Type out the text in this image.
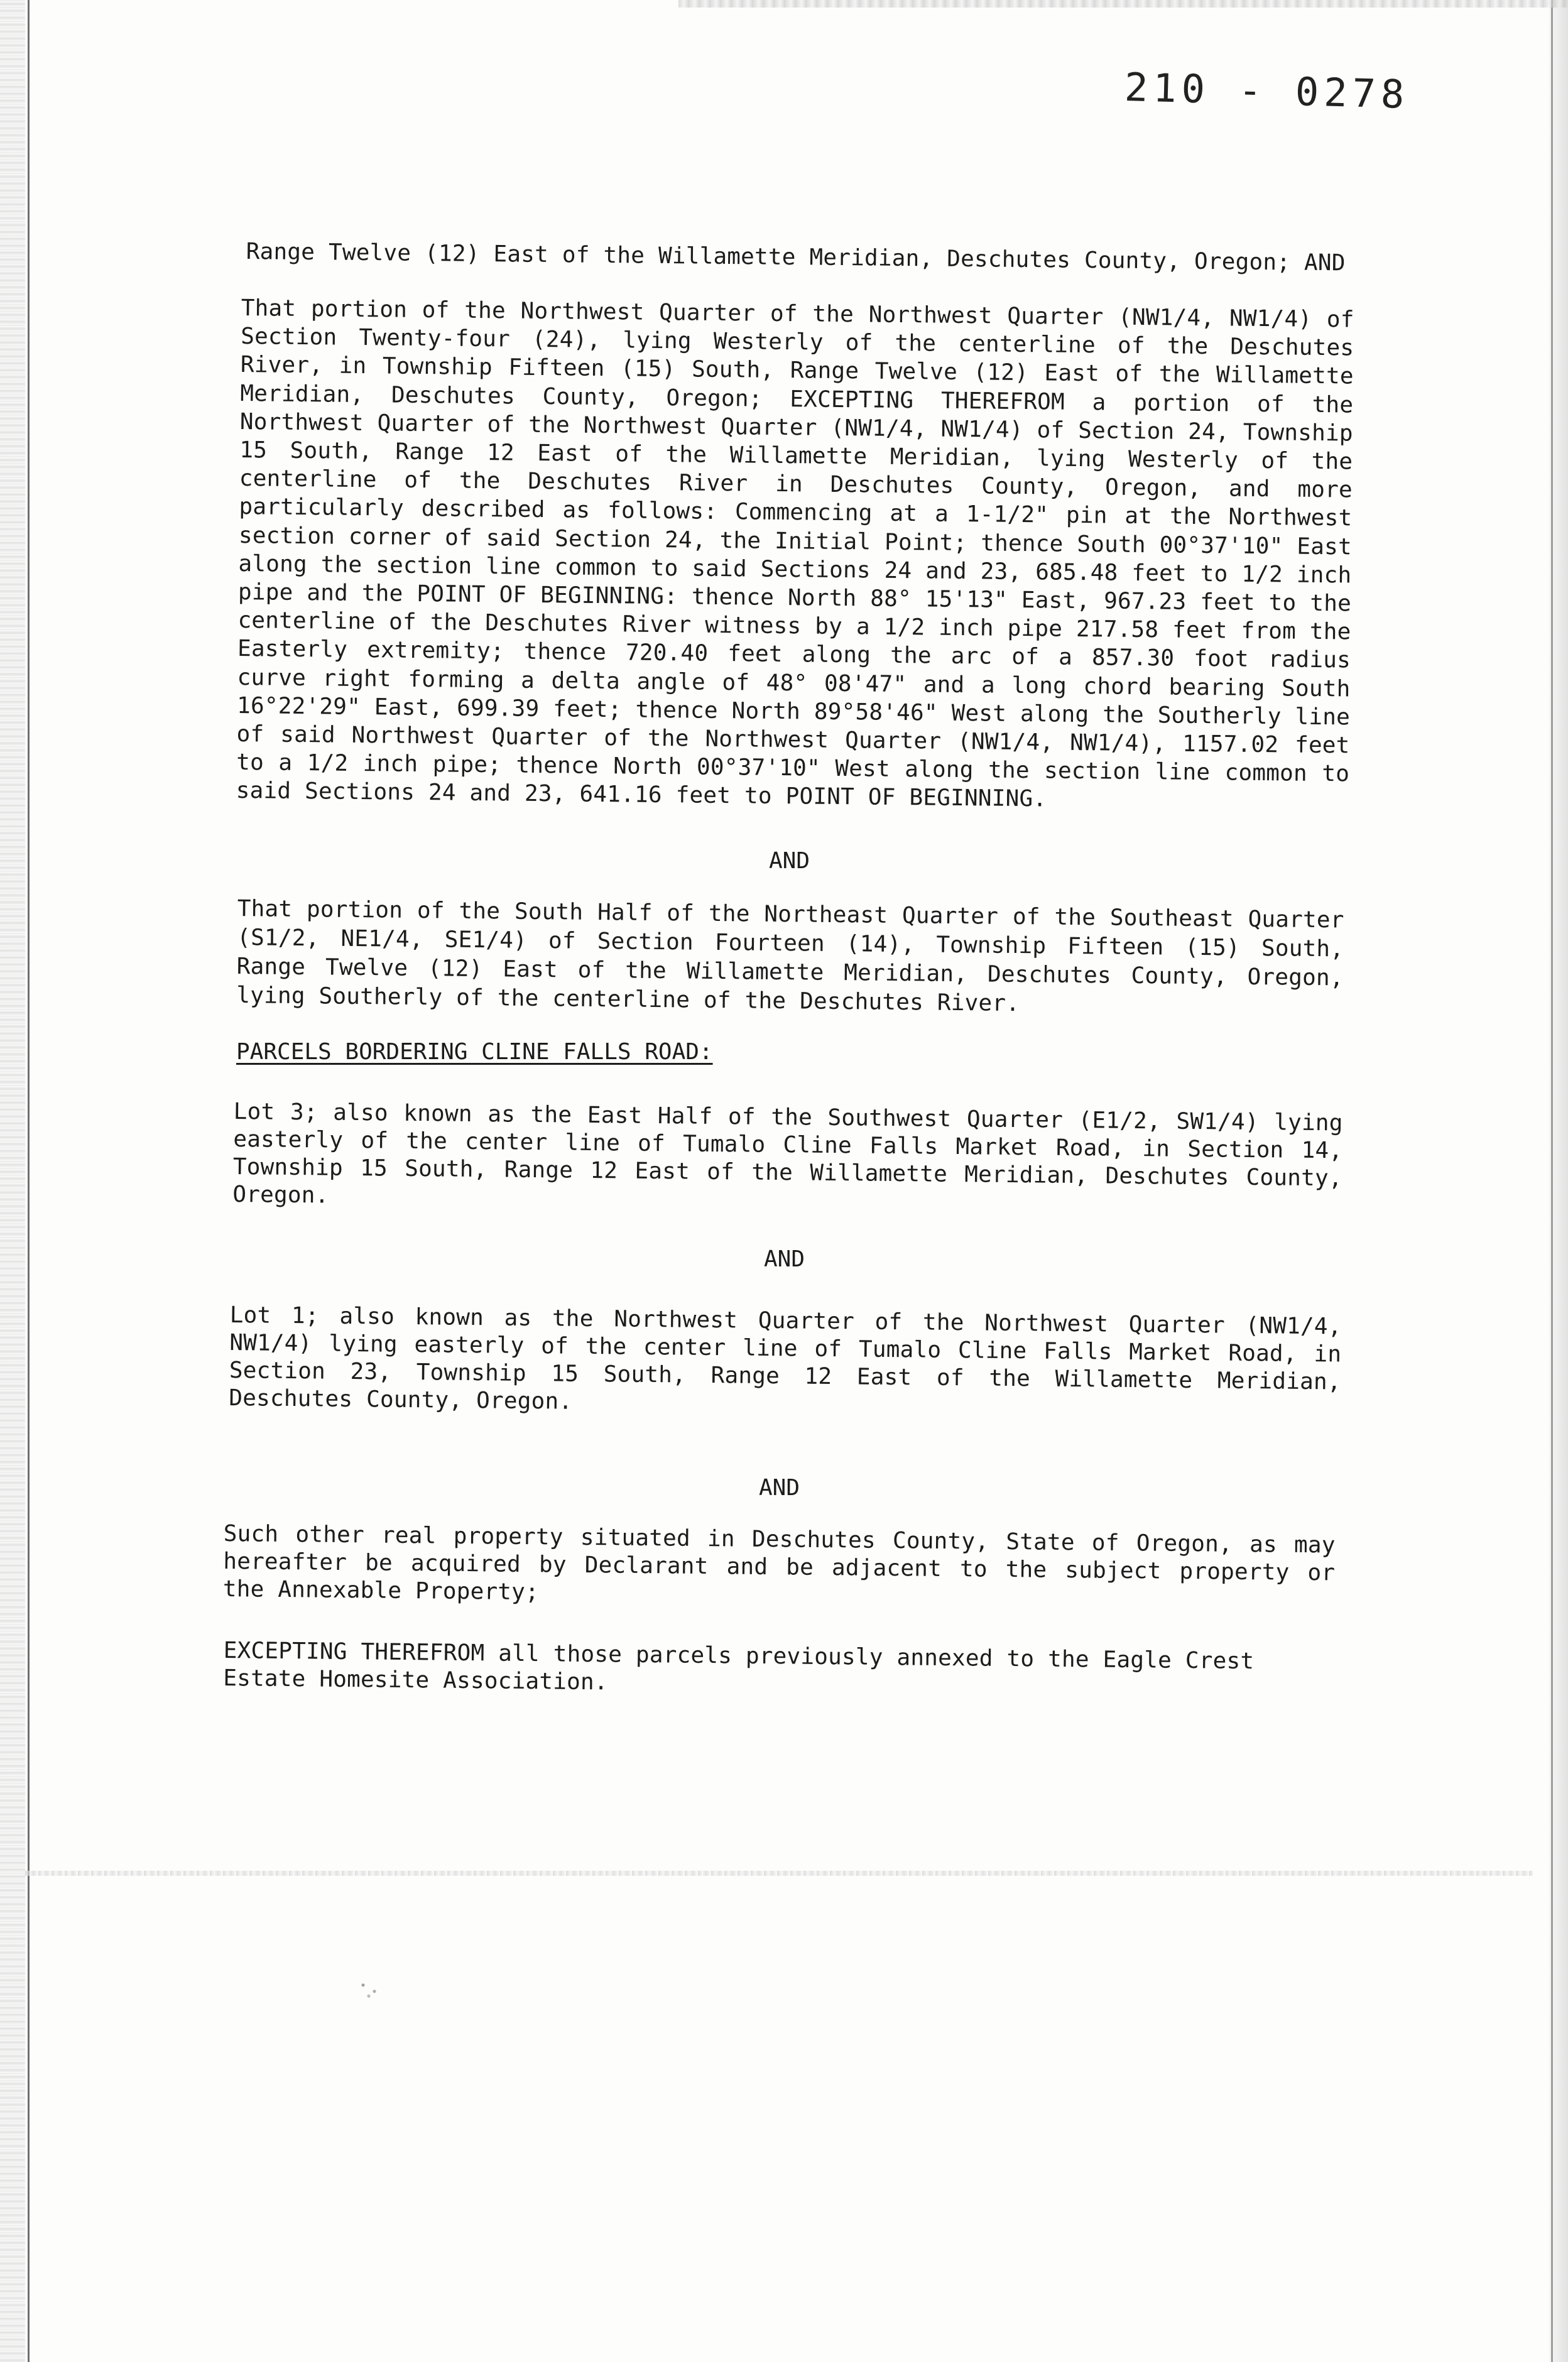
210 - 0278
Range Twelve (12) East of the Willamette Meridian, Deschutes County, Oregon; AND
That portion of the Northwest Quarter of the Northwest Quarter (NW1/4, NW1/4) of Section Twenty-four (24), lying Westerly of the centerline of the Deschutes River, in Township Fifteen (15) South, Range Twelve (12) East of the Willamette Meridian, Deschutes County, Oregon; EXCEPTING THEREFROM a portion of the Northwest Quarter of the Northwest Quarter (NW1/4, NW1/4) of Section 24, Township 15 South, Range 12 East of the Willamette Meridian, lying Westerly of the centerline of the Deschutes River in Deschutes County, Oregon, and more particularly described as follows: Commencing at a 1-1/2" pin at the Northwest section corner of said Section 24, the Initial Point; thence South 00°37'10" East along the section line common to said Sections 24 and 23, 685.48 feet to 1/2 inch pipe and the POINT OF BEGINNING: thence North 88° 15'13" East, 967.23 feet to the centerline of the Deschutes River witness by a 1/2 inch pipe 217.58 feet from the Easterly extremity; thence 720.40 feet along the arc of a 857.30 foot radius curve right forming a delta angle of 48° 08'47" and a long chord bearing South 16°22'29" East, 699.39 feet; thence North 89°58'46" West along the Southerly line of said Northwest Quarter of the Northwest Quarter (NW1/4, NW1/4), 1157.02 feet to a 1/2 inch pipe; thence North 00°37'10" West along the section line common to said Sections 24 and 23, 641.16 feet to POINT OF BEGINNING.
AND
That portion of the South Half of the Northeast Quarter of the Southeast Quarter (S1/2, NE1/4, SE1/4) of Section Fourteen (14), Township Fifteen (15) South, Range Twelve (12) East of the Willamette Meridian, Deschutes County, Oregon, lying Southerly of the centerline of the Deschutes River.
PARCELS BORDERING CLINE FALLS ROAD:
Lot 3; also known as the East Half of the Southwest Quarter (E1/2, SW1/4) lying easterly of the center line of Tumalo Cline Falls Market Road, in Section 14, Township 15 South, Range 12 East of the Willamette Meridian, Deschutes County, Oregon.
AND
Lot 1; also known as the Northwest Quarter of the Northwest Quarter (NW1/4, NW1/4) lying easterly of the center line of Tumalo Cline Falls Market Road, in Section 23, Township 15 South, Range 12 East of the Willamette Meridian, Deschutes County, Oregon.
AND
Such other real property situated in Deschutes County, State of Oregon, as may hereafter be acquired by Declarant and be adjacent to the subject property or the Annexable Property;
EXCEPTING THEREFROM all those parcels previously annexed to the Eagle Crest Estate Homesite Association.
